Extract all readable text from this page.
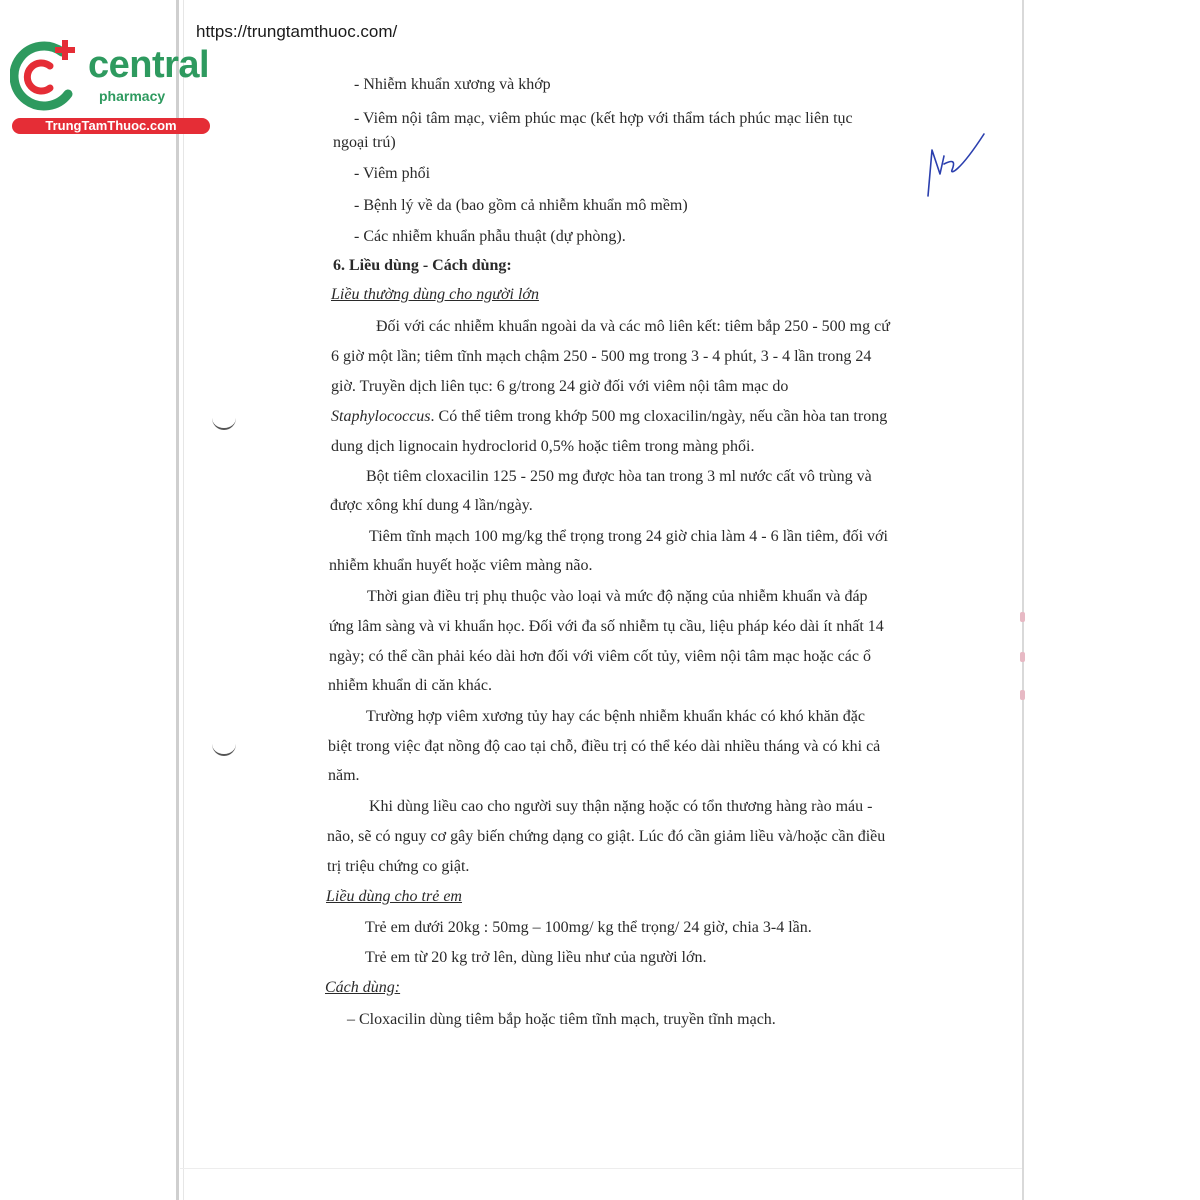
https://trungtamthuoc.com/
central
pharmacy
TrungTamThuoc.com
- Nhiễm khuẩn xương và khớp
- Viêm nội tâm mạc, viêm phúc mạc (kết hợp với thẩm tách phúc mạc liên tục
ngoại trú)
- Viêm phổi
- Bệnh lý về da (bao gồm cả nhiễm khuẩn mô mềm)
- Các nhiễm khuẩn phẫu thuật (dự phòng).
6. Liều dùng - Cách dùng:
Liều thường dùng cho người lớn
Đối với các nhiễm khuẩn ngoài da và các mô liên kết: tiêm bắp 250 - 500 mg cứ
6 giờ một lần; tiêm tĩnh mạch chậm 250 - 500 mg trong 3 - 4 phút, 3 - 4 lần trong 24
giờ. Truyền dịch liên tục: 6 g/trong 24 giờ đối với viêm nội tâm mạc do
Staphylococcus. Có thể tiêm trong khớp 500 mg cloxacilin/ngày, nếu cần hòa tan trong
dung dịch lignocain hydroclorid 0,5% hoặc tiêm trong màng phổi.
Bột tiêm cloxacilin 125 - 250 mg được hòa tan trong 3 ml nước cất vô trùng và
được xông khí dung 4 lần/ngày.
Tiêm tĩnh mạch 100 mg/kg thể trọng trong 24 giờ chia làm 4 - 6 lần tiêm, đối với
nhiễm khuẩn huyết hoặc viêm màng não.
Thời gian điều trị phụ thuộc vào loại và mức độ nặng của nhiễm khuẩn và đáp
ứng lâm sàng và vi khuẩn học. Đối với đa số nhiễm tụ cầu, liệu pháp kéo dài ít nhất 14
ngày; có thể cần phải kéo dài hơn đối với viêm cốt tủy, viêm nội tâm mạc hoặc các ổ
nhiễm khuẩn di căn khác.
Trường hợp viêm xương tủy hay các bệnh nhiễm khuẩn khác có khó khăn đặc
biệt trong việc đạt nồng độ cao tại chỗ, điều trị có thể kéo dài nhiều tháng và có khi cả
năm.
Khi dùng liều cao cho người suy thận nặng hoặc có tổn thương hàng rào máu -
não, sẽ có nguy cơ gây biến chứng dạng co giật. Lúc đó cần giảm liều và/hoặc cần điều
trị triệu chứng co giật.
Liều dùng cho trẻ em
Trẻ em dưới 20kg : 50mg – 100mg/ kg thể trọng/ 24 giờ, chia 3-4 lần.
Trẻ em từ 20 kg trở lên, dùng liều như của người lớn.
Cách dùng:
– Cloxacilin dùng tiêm bắp hoặc tiêm tĩnh mạch, truyền tĩnh mạch.
